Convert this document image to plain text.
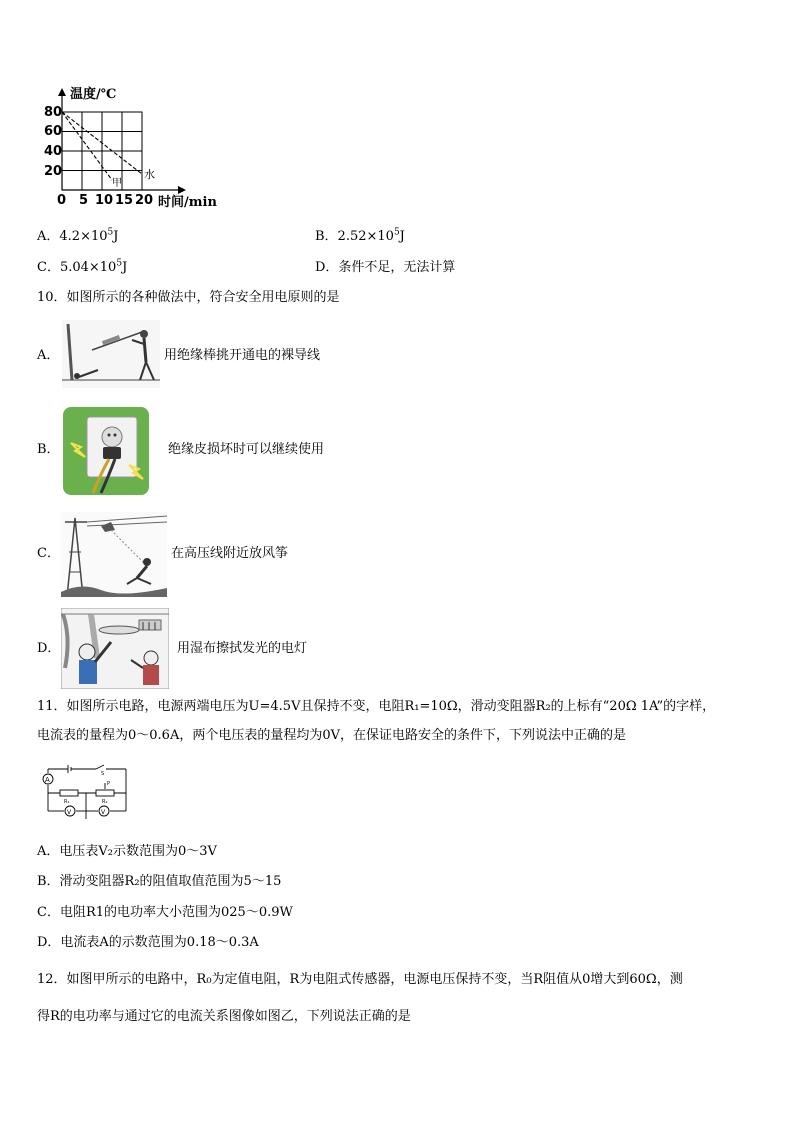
温度/℃
80
60
40
20
0 5 10 15 20 时间/min
甲
水
A．$4.2\times 10^5J$	B．$2.52\times 10^5J$
C．$5.04\times 10^5J$	D．条件不足，无法计算
10．如图所示的各种做法中，符合安全用电原则的是
A．	用绝缘棒挑开通电的裸导线
B．	绝缘皮损坏时可以继续使用
C．	在高压线附近放风筝
D．	用湿布擦拭发光的电灯
11．如图所示电路，电源两端电压为U=4.5V且保持不变，电阻R₁=10Ω，滑动变阻器R₂的上标有“20Ω 1A”的字样，
电流表的量程为0～0.6A，两个电压表的量程均为0V，在保证电路安全的条件下，下列说法中正确的是
A
V	V
R₁	R₂
S
P
A．电压表V₂示数范围为0～3V
B．滑动变阻器R₂的阻值取值范围为5～15
C．电阻R1的电功率大小范围为025～0.9W
D．电流表A的示数范围为0.18～0.3A
12．如图甲所示的电路中，R₀为定值电阻，R为电阻式传感器，电源电压保持不变，当R阻值从0增大到60Ω，测
得R的电功率与通过它的电流关系图像如图乙，下列说法正确的是
